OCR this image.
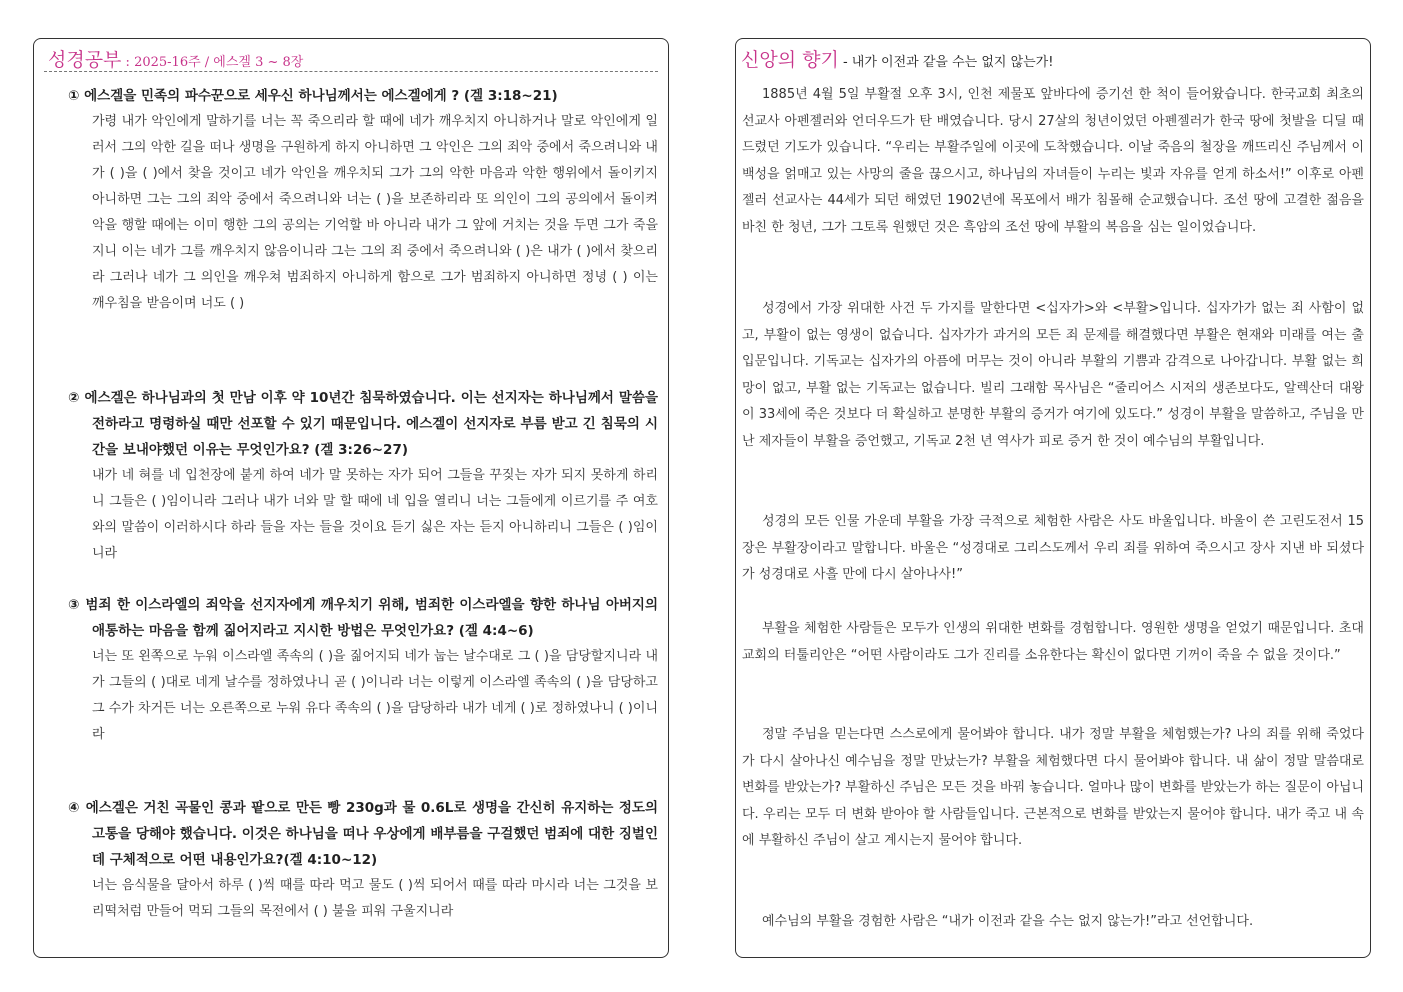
성경공부 : 2025-16주 / 에스겔 3 ~ 8장
① 에스겔을 민족의 파수꾼으로 세우신 하나님께서는 에스겔에게 ? (겔 3:18~21)
가령 내가 악인에게 말하기를 너는 꼭 죽으리라 할 때에 네가 깨우치지 아니하거나 말로 악인에게 일러서 그의 악한 길을 떠나 생명을 구원하게 하지 아니하면 그 악인은 그의 죄악 중에서 죽으려니와 내가 ( )을 ( )에서 찾을 것이고 네가 악인을 깨우치되 그가 그의 악한 마음과 악한 행위에서 돌이키지 아니하면 그는 그의 죄악 중에서 죽으려니와 너는 ( )을 보존하리라 또 의인이 그의 공의에서 돌이켜 악을 행할 때에는 이미 행한 그의 공의는 기억할 바 아니라 내가 그 앞에 거치는 것을 두면 그가 죽을지니 이는 네가 그를 깨우치지 않음이니라 그는 그의 죄 중에서 죽으려니와 ( )은 내가 ( )에서 찾으리라 그러나 네가 그 의인을 깨우쳐 범죄하지 아니하게 함으로 그가 범죄하지 아니하면 정녕 ( ) 이는 깨우침을 받음이며 너도 ( )
② 에스겔은 하나님과의 첫 만남 이후 약 10년간 침묵하였습니다. 이는 선지자는 하나님께서 말씀을 전하라고 명령하실 때만 선포할 수 있기 때문입니다. 에스겔이 선지자로 부름 받고 긴 침묵의 시간을 보내야했던 이유는 무엇인가요? (겔 3:26~27)
내가 네 혀를 네 입천장에 붙게 하여 네가 말 못하는 자가 되어 그들을 꾸짖는 자가 되지 못하게 하리니 그들은 ( )임이니라 그러나 내가 너와 말 할 때에 네 입을 열리니 너는 그들에게 이르기를 주 여호와의 말씀이 이러하시다 하라 들을 자는 들을 것이요 듣기 싫은 자는 듣지 아니하리니 그들은 ( )임이니라
③ 범죄 한 이스라엘의 죄악을 선지자에게 깨우치기 위해, 범죄한 이스라엘을 향한 하나님 아버지의 애통하는 마음을 함께 짊어지라고 지시한 방법은 무엇인가요? (겔 4:4~6)
너는 또 왼쪽으로 누워 이스라엘 족속의 ( )을 짊어지되 네가 눕는 날수대로 그 ( )을 담당할지니라 내가 그들의 ( )대로 네게 날수를 정하였나니 곧 ( )이니라 너는 이렇게 이스라엘 족속의 ( )을 담당하고 그 수가 차거든 너는 오른쪽으로 누워 유다 족속의 ( )을 담당하라 내가 네게 ( )로 정하였나니 ( )이니라
④ 에스겔은 거친 곡물인 콩과 팥으로 만든 빵 230g과 물 0.6L로 생명을 간신히 유지하는 정도의 고통을 당해야 했습니다. 이것은 하나님을 떠나 우상에게 배부름을 구걸했던 범죄에 대한 징벌인데 구체적으로 어떤 내용인가요?(겔 4:10~12)
너는 음식물을 달아서 하루 ( )씩 때를 따라 먹고 물도 ( )씩 되어서 때를 따라 마시라 너는 그것을 보리떡처럼 만들어 먹되 그들의 목전에서 ( ) 불을 피워 구울지니라
신앙의 향기 - 내가 이전과 같을 수는 없지 않는가!
1885년 4월 5일 부활절 오후 3시, 인천 제물포 앞바다에 증기선 한 척이 들어왔습니다. 한국교회 최초의 선교사 아펜젤러와 언더우드가 탄 배였습니다. 당시 27살의 청년이었던 아펜젤러가 한국 땅에 첫발을 디딜 때 드렸던 기도가 있습니다. “우리는 부활주일에 이곳에 도착했습니다. 이날 죽음의 철장을 깨뜨리신 주님께서 이 백성을 얽매고 있는 사망의 줄을 끊으시고, 하나님의 자녀들이 누리는 빛과 자유를 얻게 하소서!” 이후로 아펜젤러 선교사는 44세가 되던 해였던 1902년에 목포에서 배가 침몰해 순교했습니다. 조선 땅에 고결한 젊음을 바친 한 청년, 그가 그토록 원했던 것은 흑암의 조선 땅에 부활의 복음을 심는 일이었습니다.
성경에서 가장 위대한 사건 두 가지를 말한다면 <십자가>와 <부활>입니다. 십자가가 없는 죄 사함이 없고, 부활이 없는 영생이 없습니다. 십자가가 과거의 모든 죄 문제를 해결했다면 부활은 현재와 미래를 여는 출입문입니다. 기독교는 십자가의 아픔에 머무는 것이 아니라 부활의 기쁨과 감격으로 나아갑니다. 부활 없는 희망이 없고, 부활 없는 기독교는 없습니다. 빌리 그래함 목사님은 “줄리어스 시저의 생존보다도, 알렉산더 대왕이 33세에 죽은 것보다 더 확실하고 분명한 부활의 증거가 여기에 있도다.” 성경이 부활을 말씀하고, 주님을 만난 제자들이 부활을 증언했고, 기독교 2천 년 역사가 피로 증거 한 것이 예수님의 부활입니다.
성경의 모든 인물 가운데 부활을 가장 극적으로 체험한 사람은 사도 바울입니다. 바울이 쓴 고린도전서 15장은 부활장이라고 말합니다. 바울은 “성경대로 그리스도께서 우리 죄를 위하여 죽으시고 장사 지낸 바 되셨다가 성경대로 사흘 만에 다시 살아나사!”
부활을 체험한 사람들은 모두가 인생의 위대한 변화를 경험합니다. 영원한 생명을 얻었기 때문입니다. 초대교회의 터툴리안은 “어떤 사람이라도 그가 진리를 소유한다는 확신이 없다면 기꺼이 죽을 수 없을 것이다.”
정말 주님을 믿는다면 스스로에게 물어봐야 합니다. 내가 정말 부활을 체험했는가? 나의 죄를 위해 죽었다가 다시 살아나신 예수님을 정말 만났는가? 부활을 체험했다면 다시 물어봐야 합니다. 내 삶이 정말 말씀대로 변화를 받았는가? 부활하신 주님은 모든 것을 바꿔 놓습니다. 얼마나 많이 변화를 받았는가 하는 질문이 아닙니다. 우리는 모두 더 변화 받아야 할 사람들입니다. 근본적으로 변화를 받았는지 물어야 합니다. 내가 죽고 내 속에 부활하신 주님이 살고 계시는지 물어야 합니다.
예수님의 부활을 경험한 사람은 “내가 이전과 같을 수는 없지 않는가!”라고 선언합니다.
